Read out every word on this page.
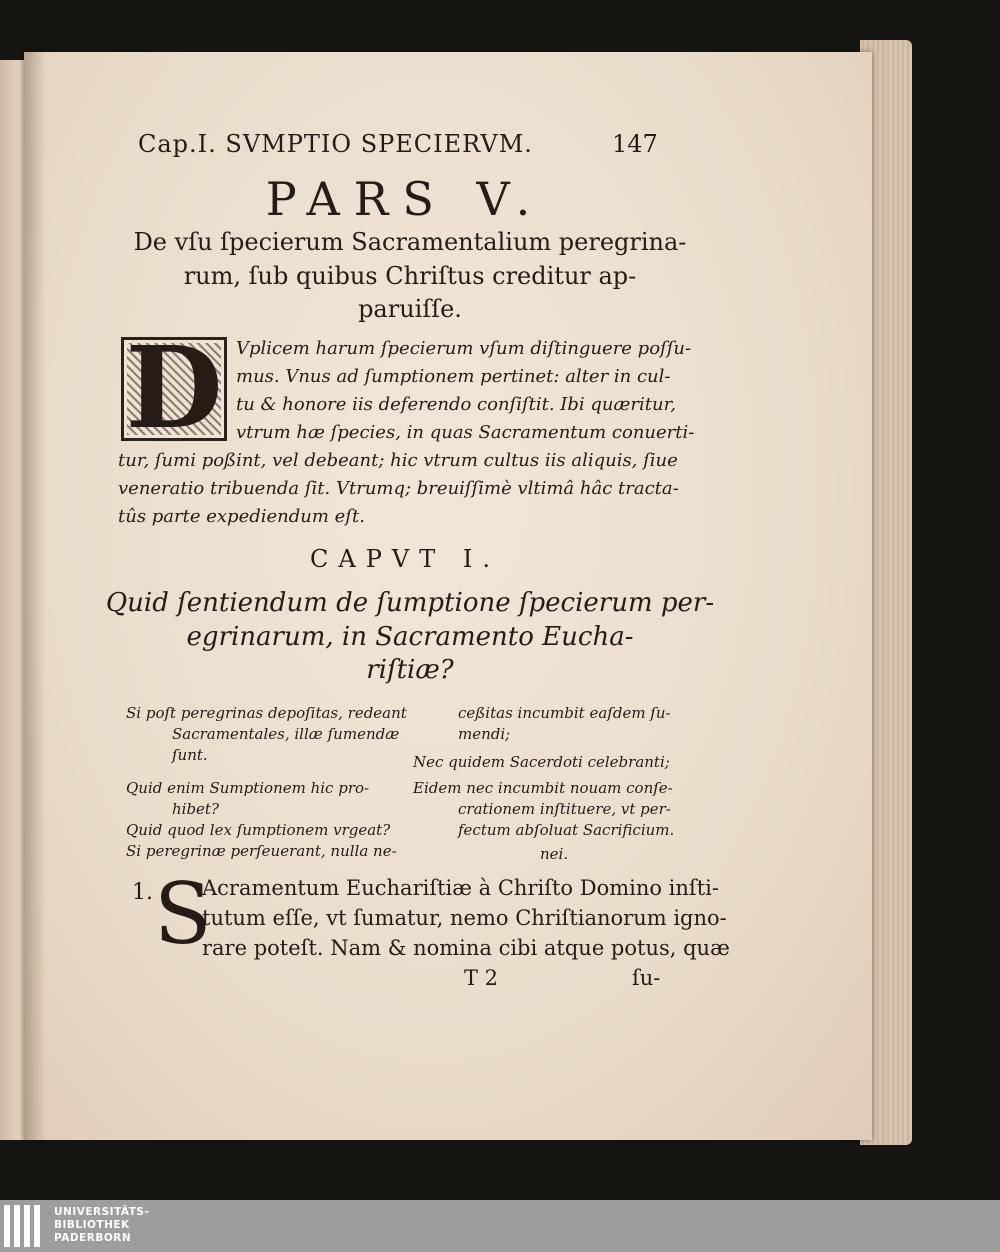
Cap.I. SVMPTIO SPECIERVM.	147
PARS V.
De vſu ſpecierum Sacramentalium peregrina-
rum, ſub quibus Chriſtus creditur ap-
paruiſſe.
D Vplicem harum ſpecierum vſum diſtinguere poſſu-
mus. Vnus ad ſumptionem pertinet: alter in cul-
tu & honore iis deferendo conſiſtit. Ibi quæritur,
vtrum hæ ſpecies, in quas Sacramentum conuerti-
tur, ſumi poßint, vel debeant; hic vtrum cultus iis aliquis, ſiue
veneratio tribuenda ſit. Vtrumq; breuiſſimè vltimâ hâc tracta-
tûs parte expediendum eſt.
CAPVT I.
Quid ſentiendum de ſumptione ſpecierum per-
egrinarum, in Sacramento Eucha-
riſtiæ?
Si poſt peregrinas depoſitas, redeant
Sacramentales, illæ ſumendæ
ſunt.
Quid enim Sumptionem hic pro-
hibet?
Quid quod lex ſumptionem vrgeat?
Si peregrinæ perſeuerant, nulla ne-
ceßitas incumbit eaſdem ſu-
mendi;
Nec quidem Sacerdoti celebranti;
Eidem nec incumbit nouam conſe-
crationem inſtituere, vt per-
fectum abſoluat Sacrificium.
nei.
1. S
Acramentum Euchariſtiæ à Chriſto Domino inſti-
tutum eſſe, vt ſumatur, nemo Chriſtianorum igno-
rare poteſt. Nam & nomina cibi atque potus, quæ
T 2	ſu-
UNIVERSITÄTS-
BIBLIOTHEK
PADERBORN
